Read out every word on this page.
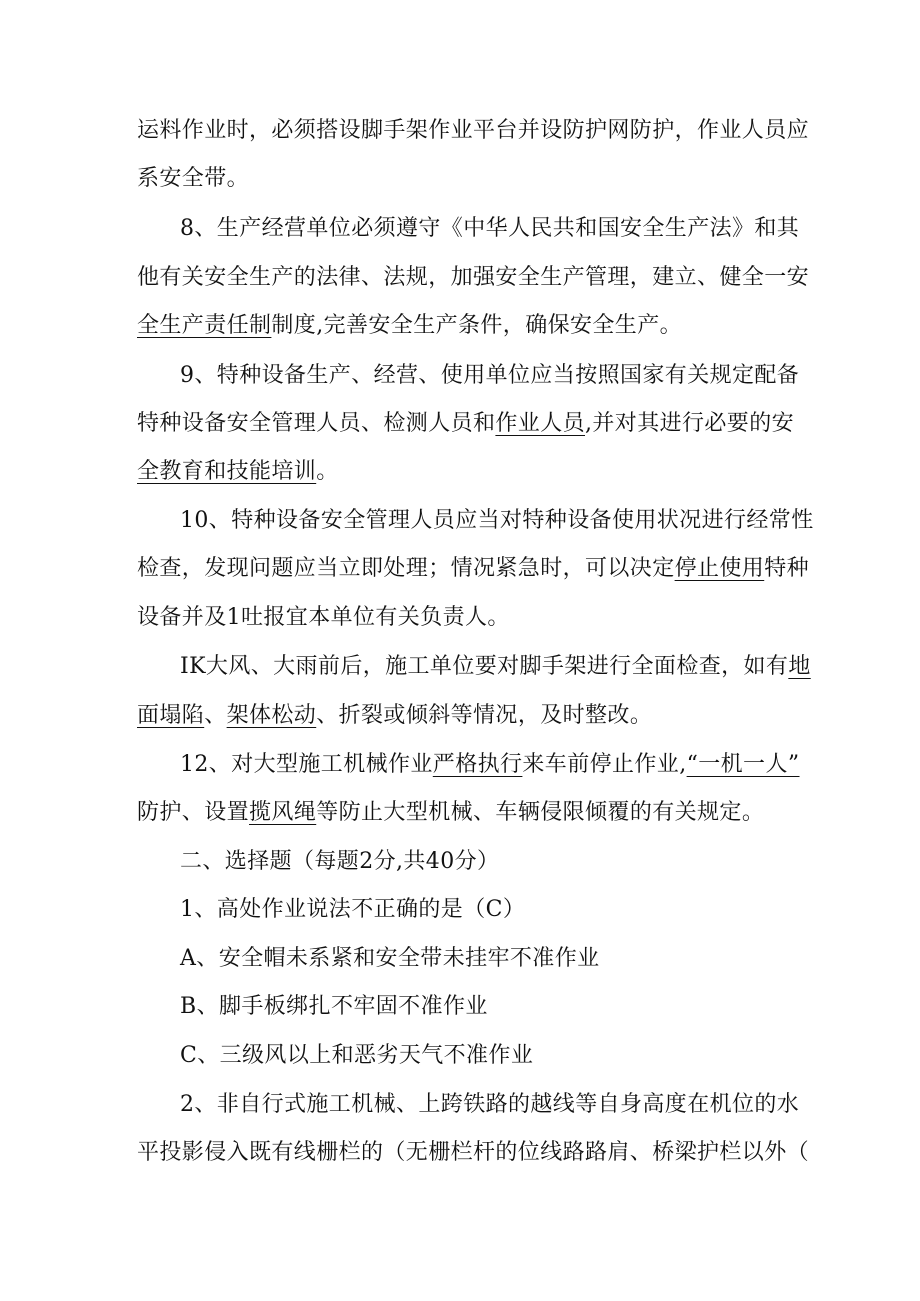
运料作业时，必须搭设脚手架作业平台并设防护网防护，作业人员应
系安全带。
8、生产经营单位必须遵守《中华人民共和国安全生产法》和其
他有关安全生产的法律、法规，加强安全生产管理，建立、健全一安
全生产责任制制度,完善安全生产条件，确保安全生产。
9、特种设备生产、经营、使用单位应当按照国家有关规定配备
特种设备安全管理人员、检测人员和作业人员,并对其进行必要的安
全教育和技能培训。
10、特种设备安全管理人员应当对特种设备使用状况进行经常性
检查，发现问题应当立即处理；情况紧急时，可以决定停止使用特种
设备并及1吐报宜本单位有关负责人。
IK大风、大雨前后，施工单位要对脚手架进行全面检查，如有地
面塌陷、架体松动、折裂或倾斜等情况，及时整改。
12、对大型施工机械作业严格执行来车前停止作业,“一机一人”
防护、设置揽风绳等防止大型机械、车辆侵限倾覆的有关规定。
二、选择题（每题2分,共40分）
1、高处作业说法不正确的是（C）
A、安全帽未系紧和安全带未挂牢不准作业
B、脚手板绑扎不牢固不准作业
C、三级风以上和恶劣天气不准作业
2、非自行式施工机械、上跨铁路的越线等自身高度在机位的水
平投影侵入既有线栅栏的（无栅栏杆的位线路路肩、桥梁护栏以外（
